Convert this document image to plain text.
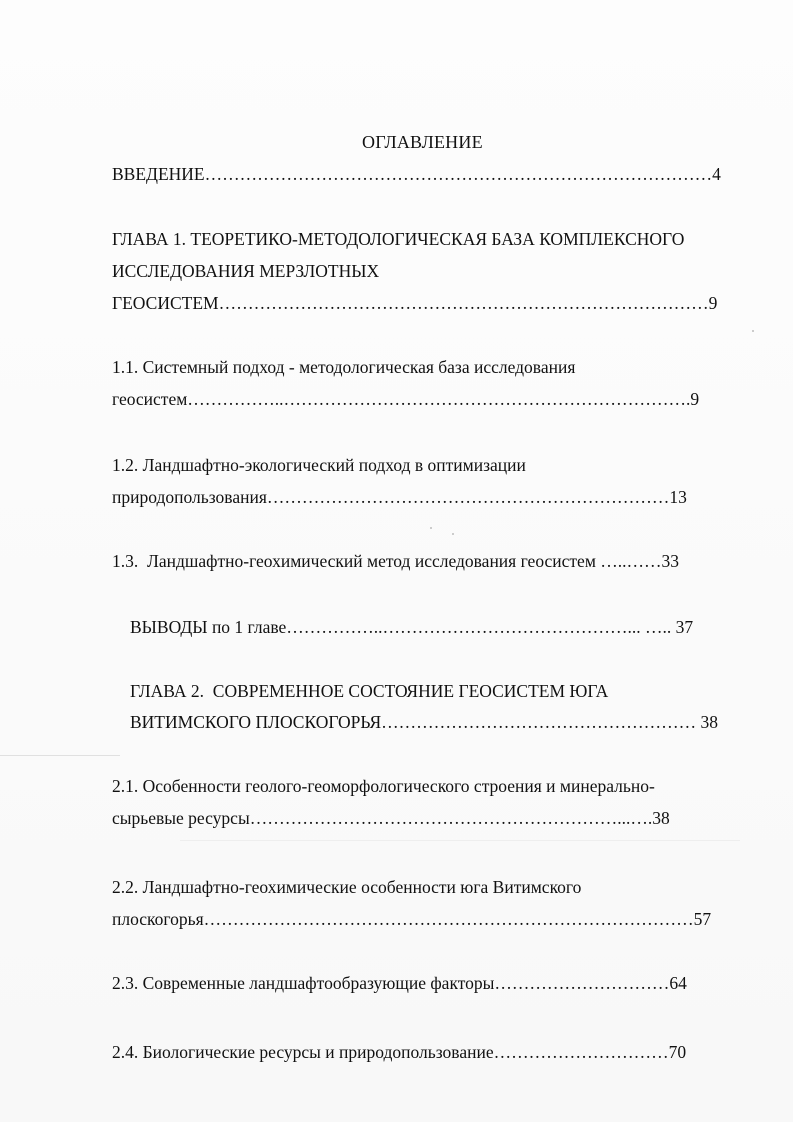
ОГЛАВЛЕНИЕ
ВВЕДЕНИЕ……………………………………………………………………………4
ГЛАВА 1. ТЕОРЕТИКО-МЕТОДОЛОГИЧЕСКАЯ БАЗА КОМПЛЕКСНОГО
ИССЛЕДОВАНИЯ МЕРЗЛОТНЫХ
ГЕОСИСТЕМ…………………………………………………………………………9
1.1. Системный подход - методологическая база исследования
геосистем……………..…………………………………………………………….9
1.2. Ландшафтно-экологический подход в оптимизации
природопользования……………………………………………………………13
1.3.  Ландшафтно-геохимический метод исследования геосистем …..……33
ВЫВОДЫ по 1 главе……………..……………………………………... ….. 37
ГЛАВА 2.  СОВРЕМЕННОЕ СОСТОЯНИЕ ГЕОСИСТЕМ ЮГА
ВИТИМСКОГО ПЛОСКОГОРЬЯ……………………………………………… 38
2.1. Особенности геолого-геоморфологического строения и минерально-
сырьевые ресурсы………………………………………………………...….38
2.2. Ландшафтно-геохимические особенности юга Витимского
плоскогорья…………………………………………………………………………57
2.3. Современные ландшафтообразующие факторы…………………………64
2.4. Биологические ресурсы и природопользование…………………………70
